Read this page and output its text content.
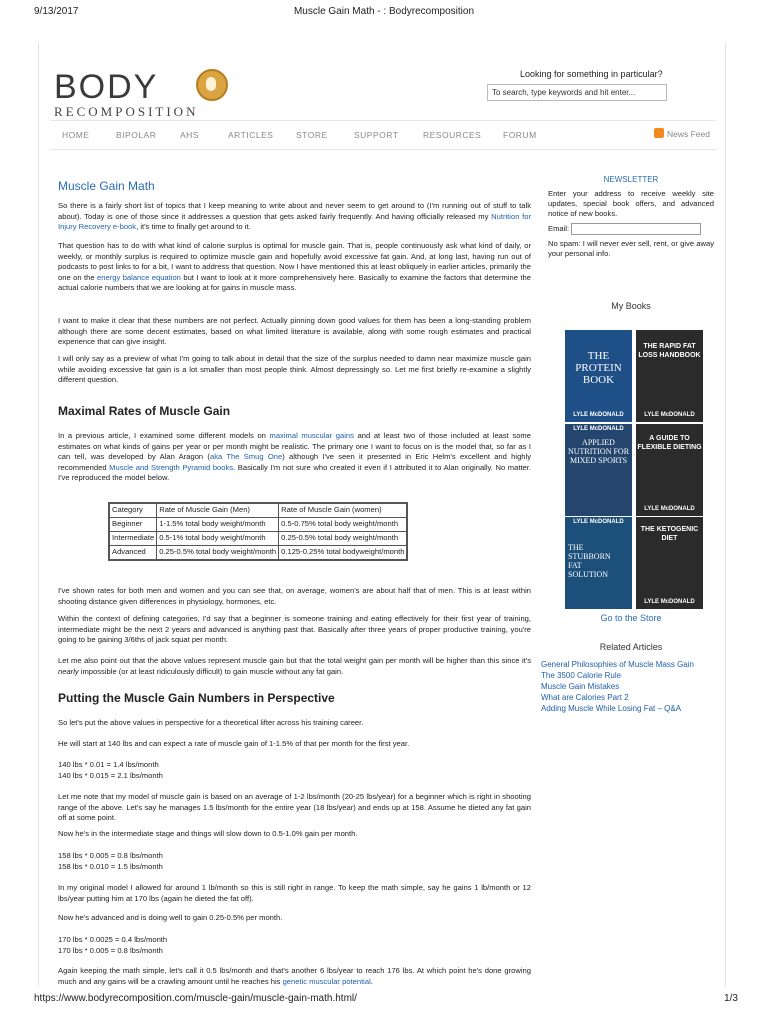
9/13/2017	Muscle Gain Math - : Bodyrecomposition
BODY
RECOMPOSITION
Looking for something in particular?
To search, type keywords and hit enter...
HOME	BIPOLAR	AHS	ARTICLES	STORE	SUPPORT	RESOURCES	FORUM	News Feed
Muscle Gain Math

So there is a fairly short list of topics that I keep meaning to write about and never seem to get around to (I'm running out of stuff to talk about). Today is one of those since it addresses a question that gets asked fairly frequently. And having officially released my Nutrition for Injury Recovery e-book, it's time to finally get around to it.

That question has to do with what kind of calorie surplus is optimal for muscle gain. That is, people continuously ask what kind of daily, or weekly, or monthly surplus is required to optimize muscle gain and hopefully avoid excessive fat gain. And, at long last, having run out of podcasts to post links to for a bit, I want to address that question. Now I have mentioned this at least obliquely in earlier articles, primarily the one on the energy balance equation but I want to look at it more comprehensively here. Basically to examine the factors that determine the actual calorie numbers that we are looking at for gains in muscle mass.

I want to make it clear that these numbers are not perfect. Actually pinning down good values for them has been a long-standing problem although there are some decent estimates, based on what limited literature is available, along with some rough estimates and practical experience that can give insight.

I will only say as a preview of what I'm going to talk about in detail that the size of the surplus needed to damn near maximize muscle gain while avoiding excessive fat gain is a lot smaller than most people think. Almost depressingly so. Let me first briefly re-examine a slightly different question.

Maximal Rates of Muscle Gain

In a previous article, I examined some different models on maximal muscular gains and at least two of those included at least some estimates on what kinds of gains per year or per month might be realistic. The primary one I want to focus on is the model that, so far as I can tell, was developed by Alan Aragon (aka The Smug One) although I've seen it presented in Eric Helm's excellent and highly recommended Muscle and Strength Pyramid books. Basically I'm not sure who created it even if I attributed it to Alan originally. No matter. I've reproduced the model below.

Category	Rate of Muscle Gain (Men)	Rate of Muscle Gain (women)
Beginner	1-1.5% total body weight/month	0.5-0.75% total body weight/month
Intermediate	0.5-1% total body weight/month	0.25-0.5% total body weight/month
Advanced	0.25-0.5% total body weight/month	0.125-0.25% total bodyweight/month

I've shown rates for both men and women and you can see that, on average, women's are about half that of men. This is at least within shooting distance given differences in physiology, hormones, etc.

Within the context of defining categories, I'd say that a beginner is someone training and eating effectively for their first year of training, intermediate might be the next 2 years and advanced is anything past that. Basically after three years of proper productive training, you're going to be gaining 3/6ths of jack squat per month.

Let me also point out that the above values represent muscle gain but that the total weight gain per month will be higher than this since it's nearly impossible (or at least ridiculously difficult) to gain muscle without any fat gain.

Putting the Muscle Gain Numbers in Perspective

So let's put the above values in perspective for a theoretical lifter across his training career.

He will start at 140 lbs and can expect a rate of muscle gain of 1-1.5% of that per month for the first year.

140 lbs * 0.01 = 1.4 lbs/month
140 lbs * 0.015 = 2.1 lbs/month

Let me note that my model of muscle gain is based on an average of 1-2 lbs/month (20-25 lbs/year) for a beginner which is right in shooting range of the above. Let's say he manages 1.5 lbs/month for the entire year (18 lbs/year) and ends up at 158. Assume he dieted any fat gain off at some point.

Now he's in the intermediate stage and things will slow down to 0.5-1.0% gain per month.

158 lbs * 0.005 = 0.8 lbs/month
158 lbs * 0.010 = 1.5 lbs/month

In my original model I allowed for around 1 lb/month so this is still right in range. To keep the math simple, say he gains 1 lb/month or 12 lbs/year putting him at 170 lbs (again he dieted the fat off).

Now he's advanced and is doing well to gain 0.25-0.5% per month.

170 lbs * 0.0025 = 0.4 lbs/month
170 lbs * 0.005 = 0.8 lbs/month

Again keeping the math simple, let's call it 0.5 lbs/month and that's another 6 lbs/year to reach 176 lbs. At which point he's done growing much and any gains will be a crawling amount until he reaches his genetic muscular potential.

NEWSLETTER

Enter your address to receive weekly site updates, special book offers, and advanced notice of new books.

Email:

No spam: I will never ever sell, rent, or give away your personal info.

My Books
THE PROTEIN BOOK
LYLE McDONALD
THE RAPID FAT LOSS HANDBOOK
LYLE McDONALD
LYLE McDONALD
APPLIED NUTRITION FOR MIXED SPORTS
A GUIDE TO FLEXIBLE DIETING
LYLE McDONALD
LYLE McDONALD
THE STUBBORN FAT SOLUTION
THE KETOGENIC DIET
LYLE McDONALD
Go to the Store
Related Articles
General Philosophies of Muscle Mass Gain
The 3500 Calorie Rule
Muscle Gain Mistakes
What are Calories Part 2
Adding Muscle While Losing Fat – Q&A
https://www.bodyrecomposition.com/muscle-gain/muscle-gain-math.html/	1/3
